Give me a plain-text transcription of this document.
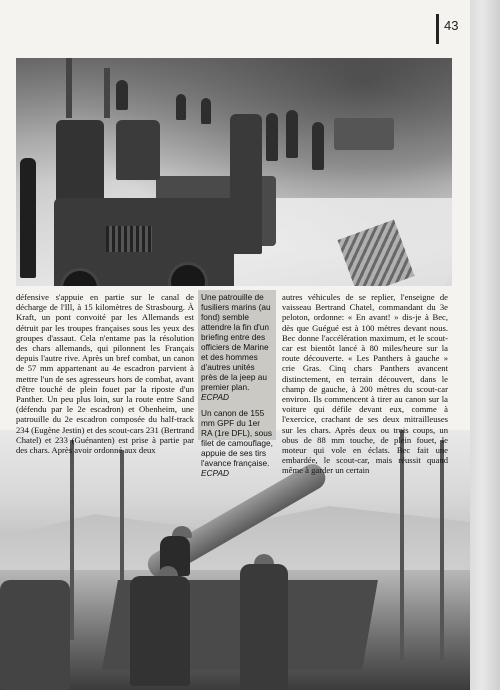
43

défensive s'appuie en partie sur le canal de décharge de l'Ill, à 15 kilomètres de Strasbourg. À Kraft, un pont convoité par les Allemands est détruit par les troupes françaises sous les yeux des groupes d'assaut. Cela n'entame pas la résolution des chars allemands, qui pilonnent les Français depuis l'autre rive. Après un bref combat, un canon de 57 mm appartenant au 4e escadron parvient à mettre l'un de ses agresseurs hors de combat, avant d'être touché de plein fouet par la riposte d'un Panther. Un peu plus loin, sur la route entre Sand (défendu par le 2e escadron) et Obenheim, une patrouille du 2e escadron composée du half-track 234 (Eugène Jestin) et des scout-cars 231 (Bertrand Chatel) et 233 (Guénanten) est prise à partie par des chars. Après avoir ordonné aux deux

Une patrouille de fusiliers marins (au fond) semble attendre la fin d'un briefing entre des officiers de Marine et des hommes d'autres unités près de la jeep au premier plan. ECPAD

Un canon de 155 mm GPF du 1er RA (1re DFL), sous filet de camouflage, appuie de ses tirs l'avance française. ECPAD

autres véhicules de se replier, l'enseigne de vaisseau Bertrand Chatel, commandant du 3e peloton, ordonne: « En avant! » dis-je à Bec, dès que Guégué est à 100 mètres devant nous. Bec donne l'accélération maximum, et le scout-car est bientôt lancé à 80 miles/heure sur la route découverte. « Les Panthers à gauche » crie Gras. Cinq chars Panthers avancent distinctement, en terrain découvert, dans le champ de gauche, à 200 mètres du scout-car environ. Ils commencent à tirer au canon sur la voiture qui défile devant eux, comme à l'exercice, crachant de ses deux mitrailleuses sur les chars. Après deux ou trois coups, un obus de 88 mm touche, de plein fouet, le moteur qui vole en éclats. Bec fait une embardée, le scout-car, mais réussit quand même à garder un certain
